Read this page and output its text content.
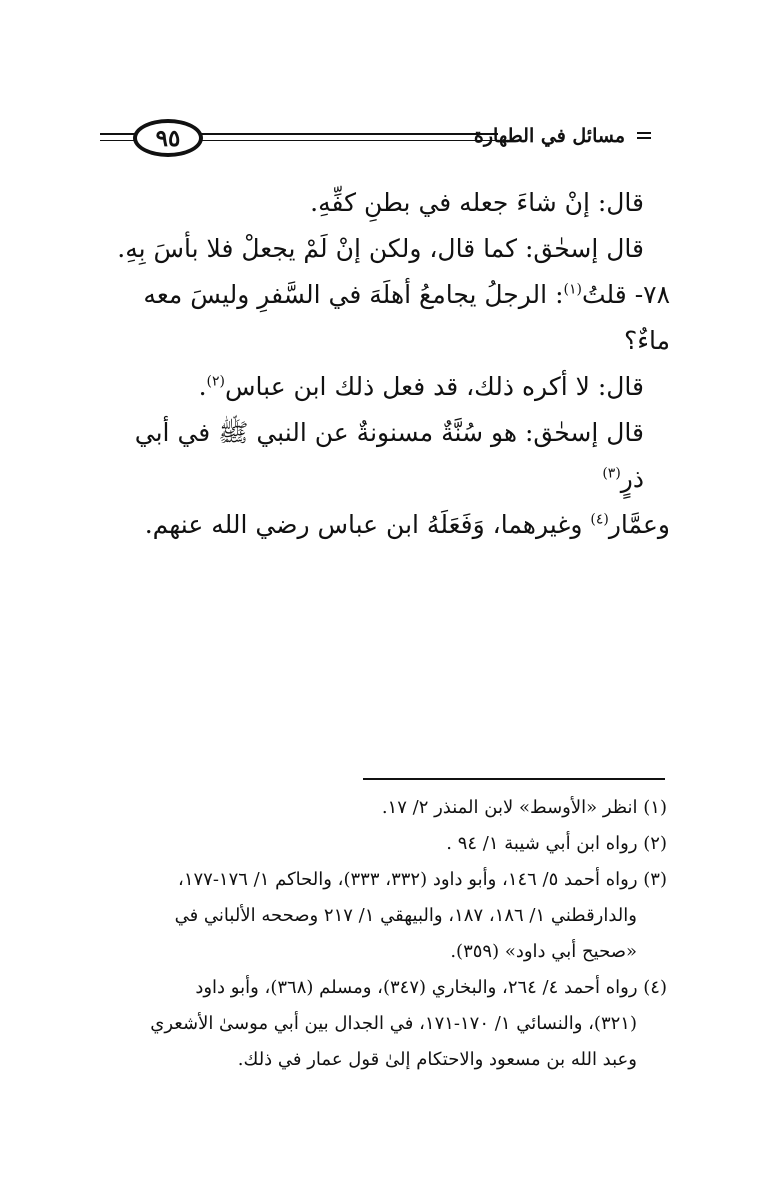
٩٥	مسائل في الطهارة

قال: إنْ شاءَ جعله في بطنِ كفِّهِ.

قال إسحٰق: كما قال، ولكن إنْ لَمْ يجعلْ فلا بأسَ بِهِ.

٧٨- قلتُ$^{(١)}$: الرجلُ يجامعُ أهلَهَ في السَّفرِ وليسَ معه ماءٌ؟

قال: لا أكره ذلك، قد فعل ذلك ابن عباس$^{(٢)}$.

قال إسحٰق: هو سُنَّةٌ مسنونةٌ عن النبي ﷺ في أبي ذرٍ$^{(٣)}$

وعمَّار$^{(٤)}$ وغيرهما، وَفَعَلَهُ ابن عباس رضي الله عنهم.

(١) انظر «الأوسط» لابن المنذر ٢/ ١٧.

(٢) رواه ابن أبي شيبة ١/ ٩٤ .

(٣) رواه أحمد ٥/ ١٤٦، وأبو داود (٣٣٢، ٣٣٣)، والحاكم ١/ ١٧٦-١٧٧،

والدارقطني ١/ ١٨٦، ١٨٧، والبيهقي ١/ ٢١٧ وصححه الألباني في

«صحيح أبي داود» (٣٥٩).

(٤) رواه أحمد ٤/ ٢٦٤، والبخاري (٣٤٧)، ومسلم (٣٦٨)، وأبو داود

(٣٢١)، والنسائي ١/ ١٧٠-١٧١، في الجدال بين أبي موسىٰ الأشعري

وعبد الله بن مسعود والاحتكام إلىٰ قول عمار في ذلك.
